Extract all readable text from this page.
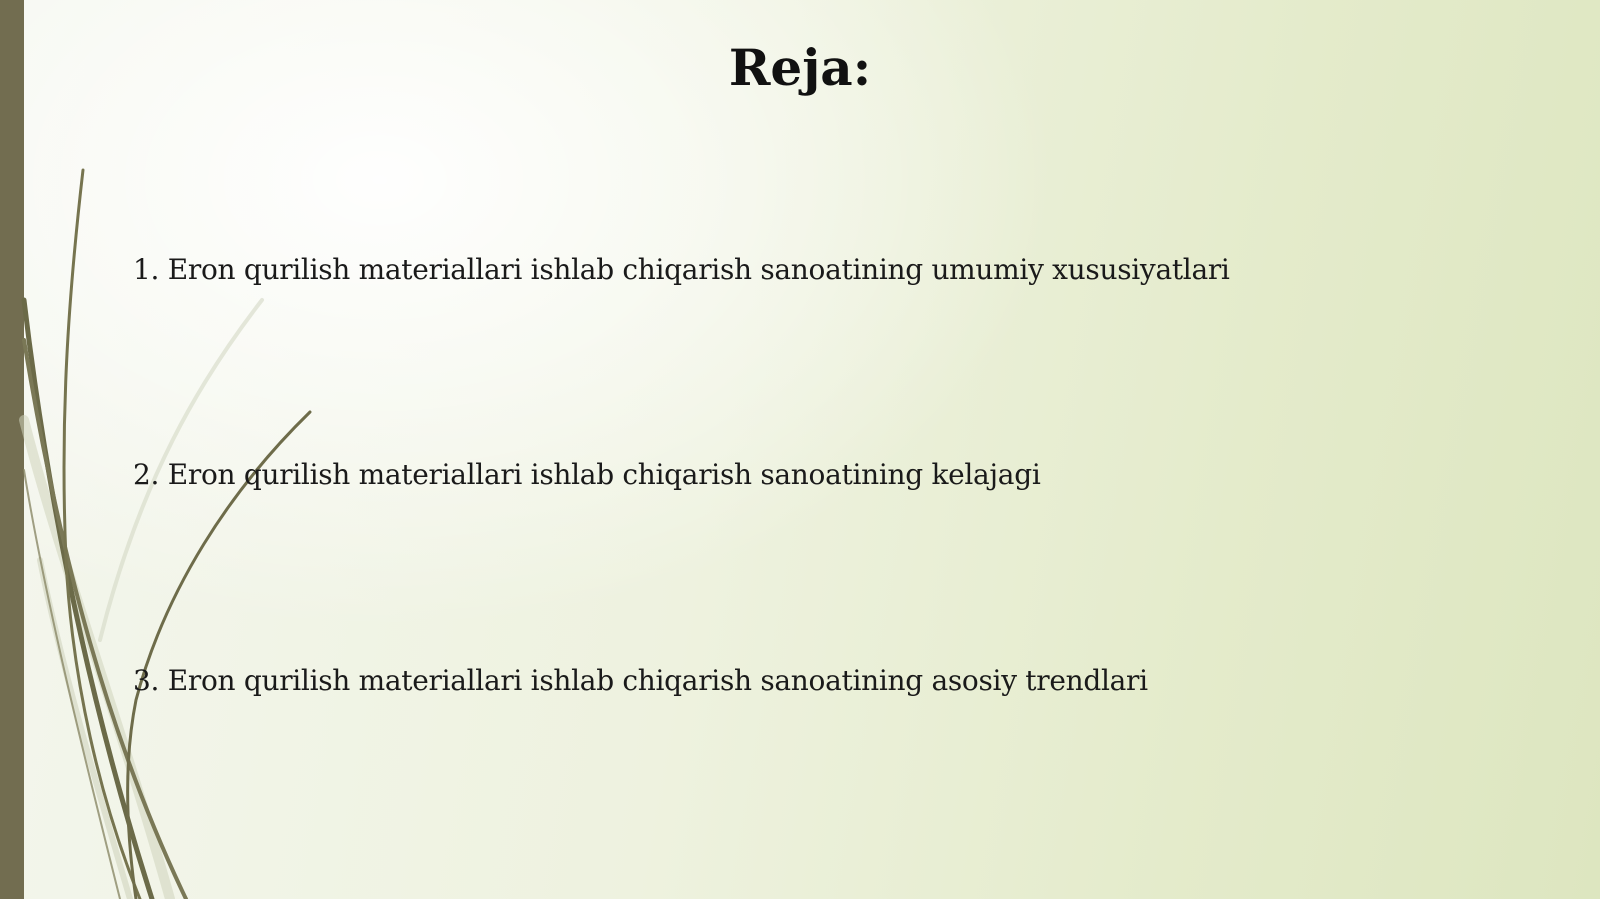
Reja:
1. Eron qurilish materiallari ishlab chiqarish sanoatining umumiy xususiyatlari
2. Eron qurilish materiallari ishlab chiqarish sanoatining kelajagi
3. Eron qurilish materiallari ishlab chiqarish sanoatining asosiy trendlari
